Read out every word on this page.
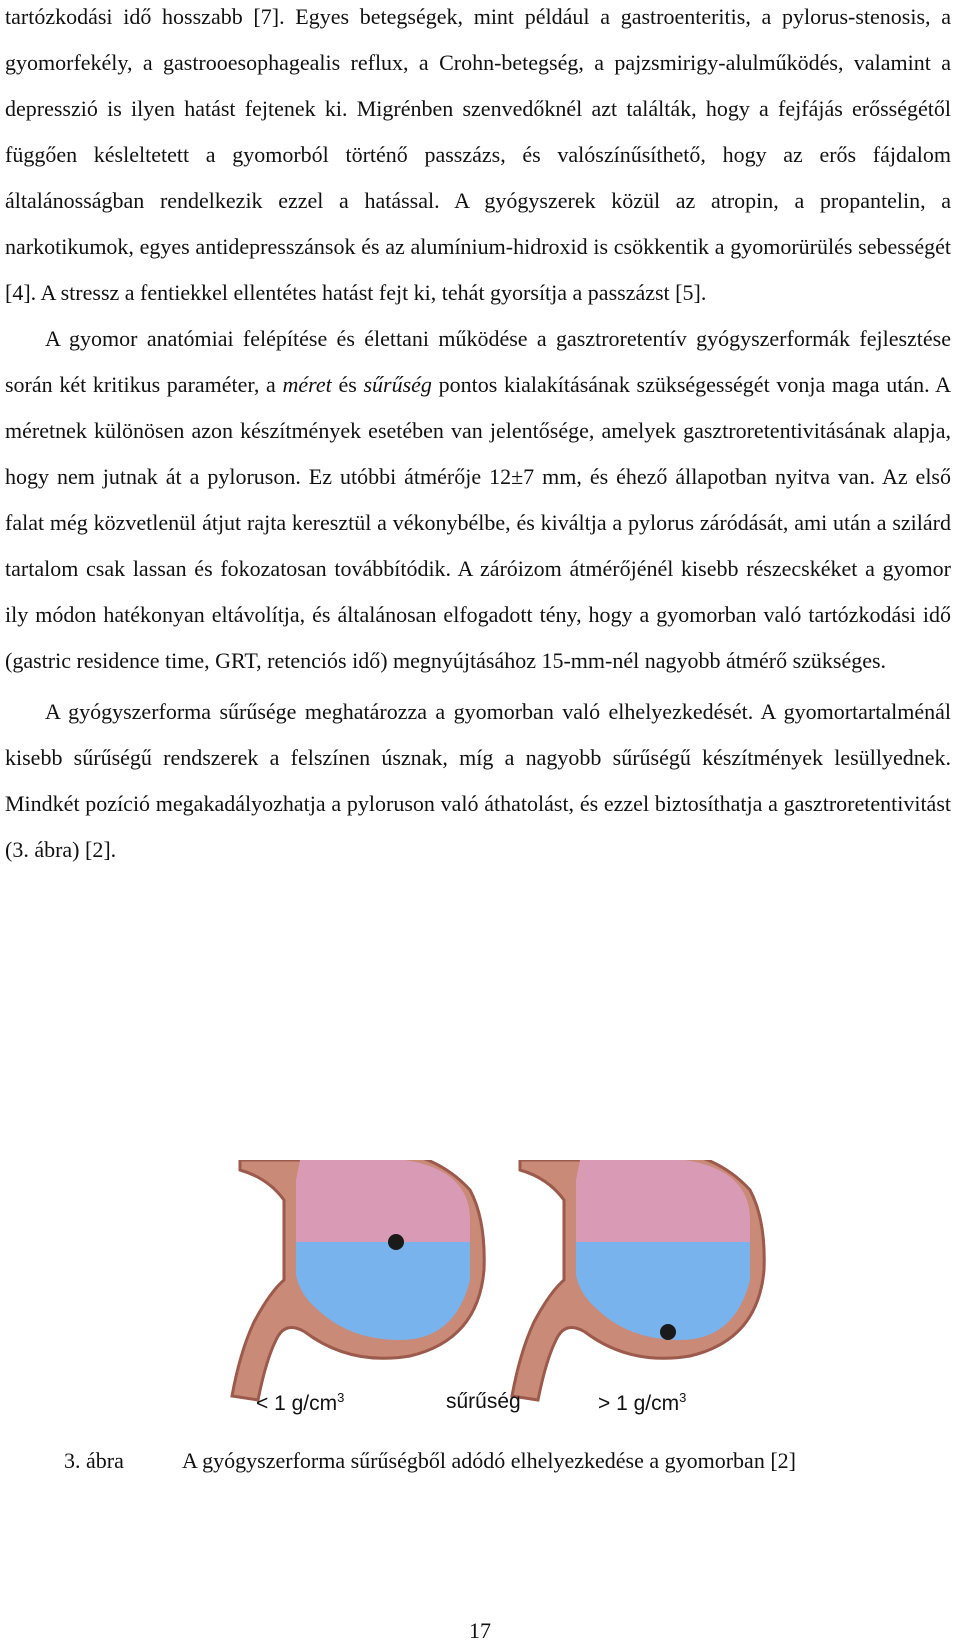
tartózkodási idő hosszabb [7]. Egyes betegségek, mint például a gastroenteritis, a pylorus-stenosis, a gyomorfekély, a gastrooesophagealis reflux, a Crohn-betegség, a pajzsmirigy-alulműködés, valamint a depresszió is ilyen hatást fejtenek ki. Migrénben szenvedőknél azt találták, hogy a fejfájás erősségétől függően késleltetett a gyomorból történő passzázs, és valószínűsíthető, hogy az erős fájdalom általánosságban rendelkezik ezzel a hatással. A gyógyszerek közül az atropin, a propantelin, a narkotikumok, egyes antidepresszánsok és az alumínium-hidroxid is csökkentik a gyomorürülés sebességét [4]. A stressz a fentiekkel ellentétes hatást fejt ki, tehát gyorsítja a passzázst [5].

A gyomor anatómiai felépítése és élettani működése a gasztroretentív gyógyszerformák fejlesztése során két kritikus paraméter, a méret és sűrűség pontos kialakításának szükségességét vonja maga után. A méretnek különösen azon készítmények esetében van jelentősége, amelyek gasztroretentivitásának alapja, hogy nem jutnak át a pyloruson. Ez utóbbi átmérője 12±7 mm, és éhező állapotban nyitva van. Az első falat még közvetlenül átjut rajta keresztül a vékonybélbe, és kiváltja a pylorus záródását, ami után a szilárd tartalom csak lassan és fokozatosan továbbítódik. A záróizom átmérőjénél kisebb részecskéket a gyomor ily módon hatékonyan eltávolítja, és általánosan elfogadott tény, hogy a gyomorban való tartózkodási idő (gastric residence time, GRT, retenciós idő) megnyújtásához 15-mm-nél nagyobb átmérő szükséges.

A gyógyszerforma sűrűsége meghatározza a gyomorban való elhelyezkedését. A gyomortartalménál kisebb sűrűségű rendszerek a felszínen úsznak, míg a nagyobb sűrűségű készítmények lesüllyednek. Mindkét pozíció megakadályozhatja a pyloruson való áthatolást, és ezzel biztosíthatja a gasztroretentivitást (3. ábra) [2].

< 1 $g/cm^3$	sűrűség	> 1 $g/cm^3$
3. ábra	A gyógyszerforma sűrűségből adódó elhelyezkedése a gyomorban [2]
17
